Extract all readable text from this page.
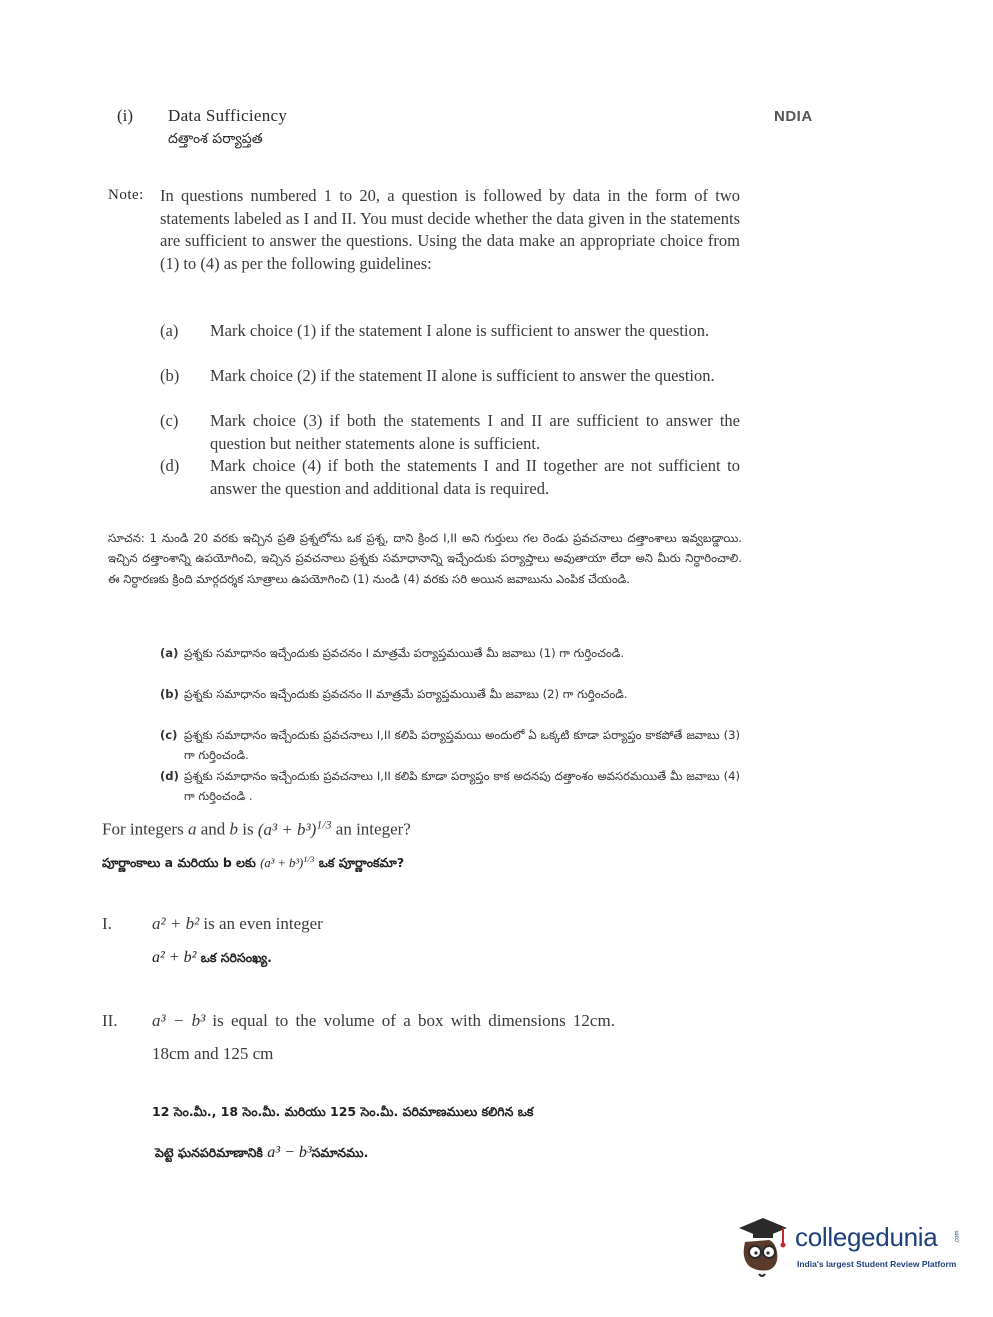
(i) Data Sufficiency
దత్తాంశ పర్యాప్తత
NDIA
Note: In questions numbered 1 to 20, a question is followed by data in the form of two statements labeled as I and II. You must decide whether the data given in the statements are sufficient to answer the questions. Using the data make an appropriate choice from (1) to (4) as per the following guidelines:
(a) Mark choice (1) if the statement I alone is sufficient to answer the question.
(b) Mark choice (2) if the statement II alone is sufficient to answer the question.
(c) Mark choice (3) if both the statements I and II are sufficient to answer the question but neither statements alone is sufficient.
(d) Mark choice (4) if both the statements I and II together are not sufficient to answer the question and additional data is required.
సూచన: 1 నుండి 20 వరకు ఇచ్చిన ప్రతి ప్రశ్నలోను ఒక ప్రశ్న, దాని క్రింద I,II అని గుర్తులు గల రెండు ప్రవచనాలు దత్తాంశాలు ఇవ్వబడ్డాయి. ఇచ్చిన దత్తాంశాన్ని ఉపయోగించి, ఇచ్చిన ప్రవచనాలు ప్రశ్నకు సమాధానాన్ని ఇచ్చేందుకు పర్యాప్తాలు అవుతాయా లేదా అని మీరు నిర్ధారించాలి. ఈ నిర్ధారణకు క్రింది మార్గదర్శక సూత్రాలు ఉపయోగించి (1) నుండి (4) వరకు సరి అయిన జవాబును ఎంపిక చేయండి.
(a) ప్రశ్నకు సమాధానం ఇచ్చేందుకు ప్రవచనం I మాత్రమే పర్యాప్తమయితే మీ జవాబు (1) గా గుర్తించండి.
(b) ప్రశ్నకు సమాధానం ఇచ్చేందుకు ప్రవచనం II మాత్రమే పర్యాప్తమయితే మీ జవాబు (2) గా గుర్తించండి.
(c) ప్రశ్నకు సమాధానం ఇచ్చేందుకు ప్రవచనాలు I,II కలిపి పర్యాప్తమయి అందులో ఏ ఒక్కటి కూడా పర్యాప్తం కాకపోతే జవాబు (3) గా గుర్తించండి.
(d) ప్రశ్నకు సమాధానం ఇచ్చేందుకు ప్రవచనాలు I,II కలిపి కూడా పర్యాప్తం కాక అదనపు దత్తాంశం అవసరమయితే మీ జవాబు (4) గా గుర్తించండి .
For integers a and b is $(a^3 + b^3)^{1/3}$ an integer?
పూర్ణాంకాలు a మరియు b లకు $(a^3 + b^3)^{1/3}$ ఒక పూర్ణాంకమా?
I. a² + b² is an even integer
a² + b² ఒక సరిసంఖ్య.
II. a³ − b³ is equal to the volume of a box with dimensions 12cm.
18cm and 125 cm
12 సెం.మీ., 18 సెం.మీ. మరియు 125 సెం.మీ. పరిమాణములు కలిగిన ఒక
పెట్టె ఘనపరిమాణానికి a³ − b³సమానము.
collegedunia	.com
India's largest Student Review Platform
